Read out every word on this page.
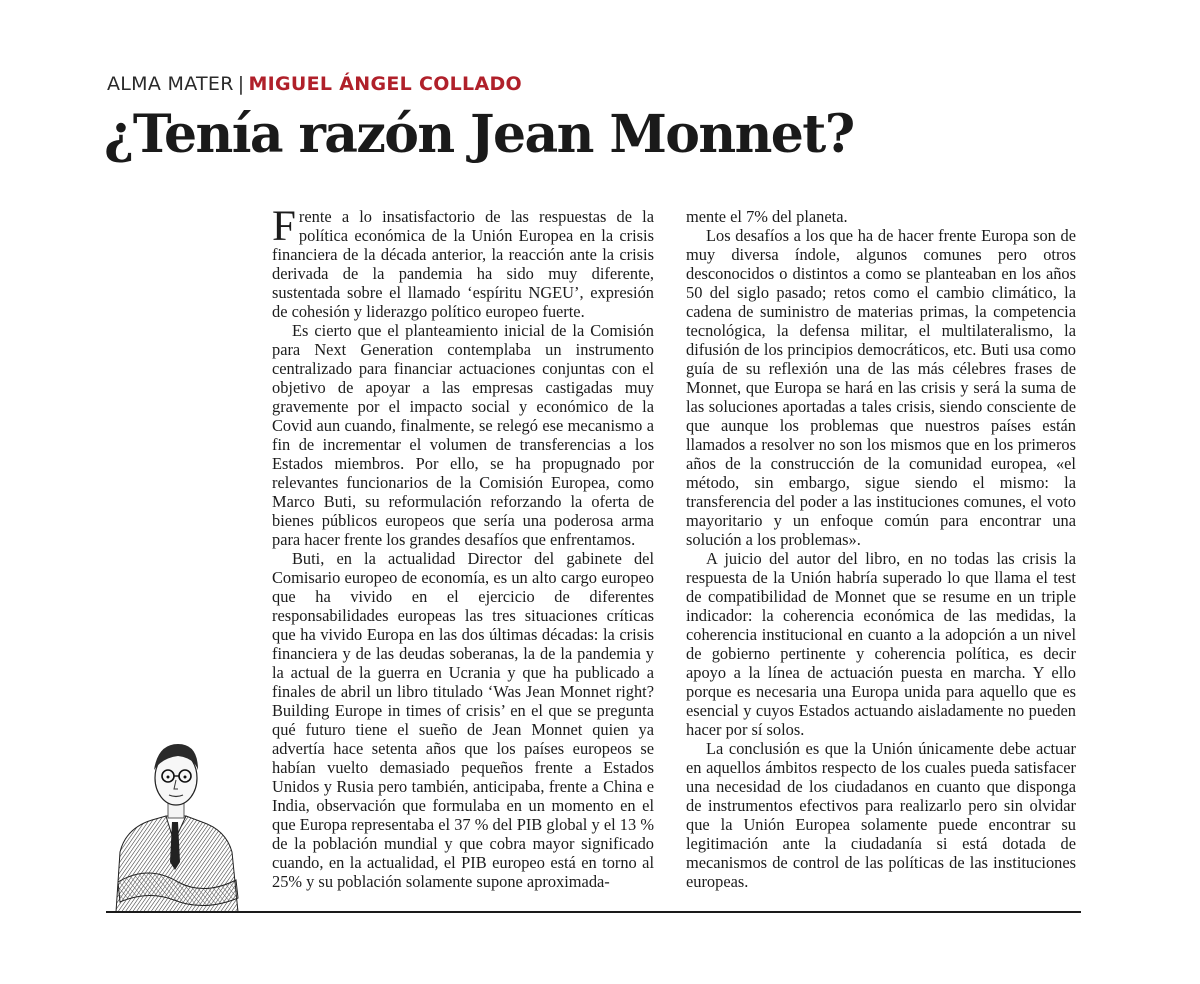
ALMA MATER | MIGUEL ÁNGEL COLLADO
¿Tenía razón Jean Monnet?

Frente a lo insatisfactorio de las respuestas de la política económica de la Unión Europea en la crisis financiera de la década anterior, la reacción ante la crisis derivada de la pandemia ha sido muy diferente, sustentada sobre el llamado ‘espíritu NGEU’, expresión de cohesión y liderazgo político europeo fuerte.

Es cierto que el planteamiento inicial de la Comisión para Next Generation contemplaba un instrumento centralizado para financiar actuaciones conjuntas con el objetivo de apoyar a las empresas castigadas muy gravemente por el impacto social y económico de la Covid aun cuando, finalmente, se relegó ese mecanismo a fin de incrementar el volumen de transferencias a los Estados miembros. Por ello, se ha propugnado por relevantes funcionarios de la Comisión Europea, como Marco Buti, su reformulación reforzando la oferta de bienes públicos europeos que sería una poderosa arma para hacer frente los grandes desafíos que enfrentamos.

Buti, en la actualidad Director del gabinete del Comisario europeo de economía, es un alto cargo europeo que ha vivido en el ejercicio de diferentes responsabilidades europeas las tres situaciones críticas que ha vivido Europa en las dos últimas décadas: la crisis financiera y de las deudas soberanas, la de la pandemia y la actual de la guerra en Ucrania y que ha publicado a finales de abril un libro titulado ‘Was Jean Monnet right? Building Europe in times of crisis’ en el que se pregunta qué futuro tiene el sueño de Jean Monnet quien ya advertía hace setenta años que los países europeos se habían vuelto demasiado pequeños frente a Estados Unidos y Rusia pero también, anticipaba, frente a China e India, observación que formulaba en un momento en el que Europa representaba el 37 % del PIB global y el 13 % de la población mundial y que cobra mayor significado cuando, en la actualidad, el PIB europeo está en torno al 25% y su población solamente supone aproximada-

mente el 7% del planeta.

Los desafíos a los que ha de hacer frente Europa son de muy diversa índole, algunos comunes pero otros desconocidos o distintos a como se planteaban en los años 50 del siglo pasado; retos como el cambio climático, la cadena de suministro de materias primas, la competencia tecnológica, la defensa militar, el multilateralismo, la difusión de los principios democráticos, etc. Buti usa como guía de su reflexión una de las más célebres frases de Monnet, que Europa se hará en las crisis y será la suma de las soluciones aportadas a tales crisis, siendo consciente de que aunque los problemas que nuestros países están llamados a resolver no son los mismos que en los primeros años de la construcción de la comunidad europea, «el método, sin embargo, sigue siendo el mismo: la transferencia del poder a las instituciones comunes, el voto mayoritario y un enfoque común para encontrar una solución a los problemas».

A juicio del autor del libro, en no todas las crisis la respuesta de la Unión habría superado lo que llama el test de compatibilidad de Monnet que se resume en un triple indicador: la coherencia económica de las medidas, la coherencia institucional en cuanto a la adopción a un nivel de gobierno pertinente y coherencia política, es decir apoyo a la línea de actuación puesta en marcha. Y ello porque es necesaria una Europa unida para aquello que es esencial y cuyos Estados actuando aisladamente no pueden hacer por sí solos.

La conclusión es que la Unión únicamente debe actuar en aquellos ámbitos respecto de los cuales pueda satisfacer una necesidad de los ciudadanos en cuanto que disponga de instrumentos efectivos para realizarlo pero sin olvidar que la Unión Europea solamente puede encontrar su legitimación ante la ciudadanía si está dotada de mecanismos de control de las políticas de las instituciones europeas.
